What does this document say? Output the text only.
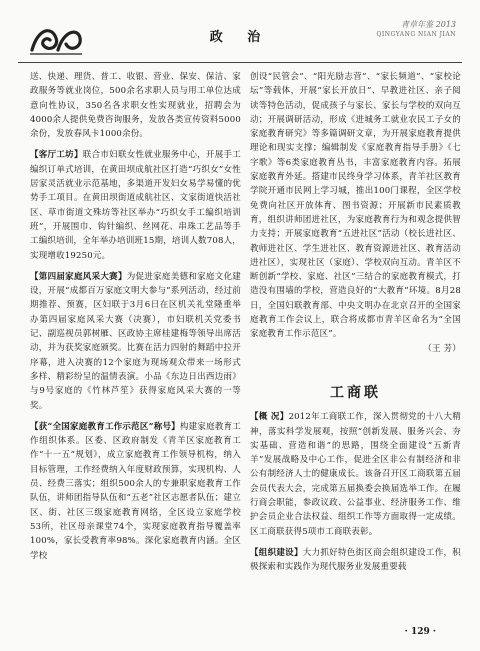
政 治
青草年鉴 2013
QINGYANG NIAN JIAN

送、快递、理货、普工、收银、营业、保安、保洁、家政服务等就业岗位，500余名求职人员与用工单位达成意向性协议，350名各求职女性实现就业，招聘会为4000余人提供免费咨询服务，发放各类宣传资料5000余份，发放春风卡1000余份。

【客厅工坊】联合市妇联女性就业服务中心，开展手工编织订单式培训，在黄田坝成航社区打造“巧织女”女性居家灵活就业示范基地，多渠道开发妇女易学易懂的优势手工项目。在黄田坝街道成航社区、文家街道快活社区、草市街道文殊坊等社区举办“巧织女手工编织培训班”，开展围巾、钩针编织、丝网花、串珠工艺品等手工编织培训，全年举办培训班15期，培训人数708人，实现增收19250元。

【第四届家庭风采大赛】为促进家庭美德和家庭文化建设，开展“成都百万家庭文明大参与”系列活动，经过前期推荐、预赛，区妇联于3月6日在区机关礼堂隆重举办第四届家庭风采大赛（决赛），市妇联机关党委书记、副巡视员郭树雁、区政协主席桂建梅等领导出席活动，并为获奖家庭颁奖。比赛在活力四射的舞蹈中拉开序幕，进入决赛的12个家庭为现场观众带来一场形式多样、精彩纷呈的温情表演。小品《东边日出西边雨》与9号家庭的《竹林芦笙》获得家庭风采大赛的一等奖。

【获“全国家庭教育工作示范区”称号】构建家庭教育工作组织体系。区委、区政府制发《青羊区家庭教育工作“十一五”规划》，成立家庭教育工作领导机构，纳入目标管理，工作经费纳入年度财政预算，实现机构、人员、经费三落实；组织500余人的专兼职家庭教育工作队伍，讲师团指导队伍和“五老”社区志愿者队伍；建立区、街、社区三级家庭教育网络，全区设立家庭学校53所，社区母亲课堂74个，实现家庭教育指导覆盖率100%，家长受教育率98%。深化家庭教育内涵。全区学校

创设“民管会”、“阳光励志营”、“家长频道”、“家校论坛”等载体，开展“家长开放日”、早教进社区、亲子阅读等特色活动，促成孩子与家长、家长与学校的双向互动；开展调研活动，形成《进城务工就业农民工子女的家庭教育研究》等多篇调研文章，为开展家庭教育提供理论和现实支撑；编辑制发《家庭教育指导手册》《七字歌》等6类家庭教育丛书，丰富家庭教育内容。拓展家庭教育外延。搭建市民终身学习体系，青羊社区教育学院开通市民网上学习城，推出100门课程，全区学校免费向社区开放体育、图书资源；开展新市民素质教育，组织讲师团进社区，为家庭教育行为和观念提供智力支持；开展家庭教育“五进社区”活动（校长进社区、教师进社区、学生进社区、教育资源进社区、教育活动进社区），实现社区（家庭）、学校双向互动。青羊区不断创新“学校、家庭、社区”三结合的家庭教育模式，打造没有围墙的学校，营造良好的“大教育”环境。8月28日，全国妇联教育部、中央文明办在北京召开的全国家庭教育工作会议上，联合将成都市青羊区命名为“全国家庭教育工作示范区”。

（王 芳）
工商联

【概 况】2012年工商联工作，深入贯彻党的十八大精神，落实科学发展观，按照“创新发展、服务兴会、夯实基础、营造和谐”的思路，围绕全面建设“五新青羊”发展战略及中心工作，促进全区非公有制经济和非公有制经济人士的健康成长。该备召开区工商联第五届会员代表大会，完成第五届换委会换届选举工作。在履行商会职能，参政议政、公益事业、经济服务工作、维护会员企业合法权益、组织工作等方面取得一定成绩。区工商联获得5项市工商联表彰。

【组织建设】大力抓好特色街区商会组织建设工作，积极探索和实践作为现代服务业发展重要载

· 129 ·
